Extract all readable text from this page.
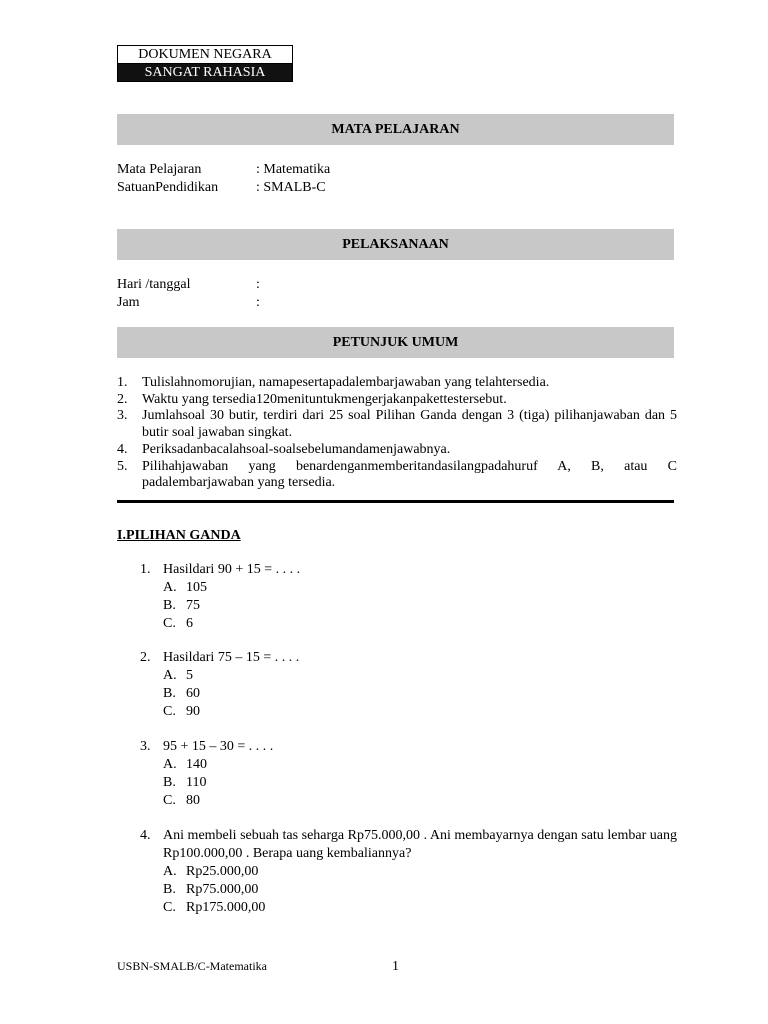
DOKUMEN NEGARA
SANGAT RAHASIA
MATA PELAJARAN
Mata Pelajaran	: Matematika
SatuanPendidikan	: SMALB-C
PELAKSANAAN
Hari /tanggal	:
Jam	:
PETUNJUK UMUM
1. Tulislahnomorujian, namapesertapadalembarjawaban yang telahtersedia.
2. Waktu yang tersedia120menituntukmengerjakanpakettestersebut.
3. Jumlahsoal 30 butir, terdiri dari 25 soal Pilihan Ganda dengan 3 (tiga) pilihanjawaban dan 5 butir soal jawaban singkat.
4. Periksadanbacalahsoal-soalsebelumandamenjawabnya.
5. Pilihahjawaban yang benardenganmemberitandasilangpadahuruf A, B, atau C padalembarjawaban yang tersedia.
I.PILIHAN GANDA
1. Hasildari 90 + 15 = . . . .
A. 105
B. 75
C. 6
2. Hasildari 75 – 15 = . . . .
A. 5
B. 60
C. 90
3. 95 + 15 – 30 = . . . .
A. 140
B. 110
C. 80
4. Ani membeli sebuah tas seharga Rp75.000,00 . Ani membayarnya dengan satu lembar uang Rp100.000,00 . Berapa uang kembaliannya?
A. Rp25.000,00
B. Rp75.000,00
C. Rp175.000,00
USBN-SMALB/C-Matematika	1
